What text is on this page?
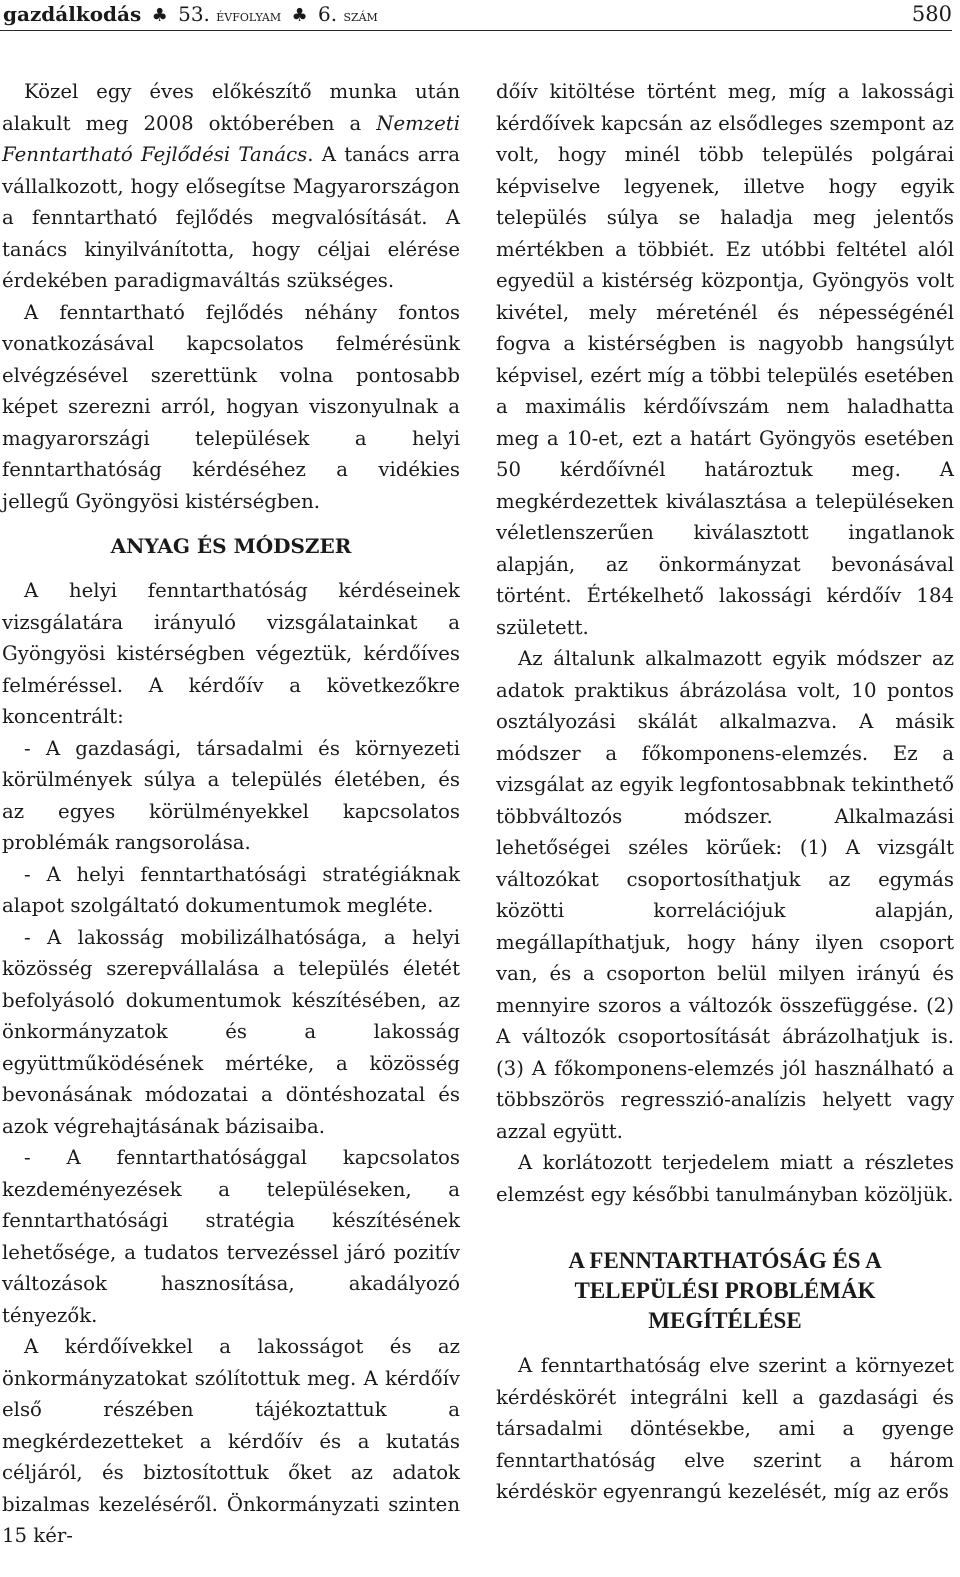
gazdálkodás ♣ 53. évfolyam ♣ 6. szám	580

Közel egy éves előkészítő munka után alakult meg 2008 októberében a Nemzeti Fenntartható Fejlődési Tanács. A tanács arra vállalkozott, hogy elősegítse Magyarországon a fenntartható fejlődés megvalósítását. A tanács kinyilvánította, hogy céljai elérése érdekében paradigmaváltás szükséges.

A fenntartható fejlődés néhány fontos vonatkozásával kapcsolatos felmérésünk elvégzésével szerettünk volna pontosabb képet szerezni arról, hogyan viszonyulnak a magyarországi települések a helyi fenntarthatóság kérdéséhez a vidékies jellegű Gyöngyösi kistérségben.

ANYAG ÉS MÓDSZER

A helyi fenntarthatóság kérdéseinek vizsgálatára irányuló vizsgálatainkat a Gyöngyösi kistérségben végeztük, kérdőíves felméréssel. A kérdőív a következőkre koncentrált:

- A gazdasági, társadalmi és környezeti körülmények súlya a település életében, és az egyes körülményekkel kapcsolatos problémák rangsorolása.

- A helyi fenntarthatósági stratégiáknak alapot szolgáltató dokumentumok megléte.

- A lakosság mobilizálhatósága, a helyi közösség szerepvállalása a település életét befolyásoló dokumentumok készítésében, az önkormányzatok és a lakosság együttműködésének mértéke, a közösség bevonásának módozatai a döntéshozatal és azok végrehajtásának bázisaiba.

- A fenntarthatósággal kapcsolatos kezdeményezések a településeken, a fenntarthatósági stratégia készítésének lehetősége, a tudatos tervezéssel járó pozitív változások hasznosítása, akadályozó tényezők.

A kérdőívekkel a lakosságot és az önkormányzatokat szólítottuk meg. A kérdőív első részében tájékoztattuk a megkérdezetteket a kérdőív és a kutatás céljáról, és biztosítottuk őket az adatok bizalmas kezeléséről. Önkormányzati szinten 15 kér-

dőív kitöltése történt meg, míg a lakossági kérdőívek kapcsán az elsődleges szempont az volt, hogy minél több település polgárai képviselve legyenek, illetve hogy egyik település súlya se haladja meg jelentős mértékben a többiét. Ez utóbbi feltétel alól egyedül a kistérség központja, Gyöngyös volt kivétel, mely méreténél és népességénél fogva a kistérségben is nagyobb hangsúlyt képvisel, ezért míg a többi település esetében a maximális kérdőívszám nem haladhatta meg a 10-et, ezt a határt Gyöngyös esetében 50 kérdőívnél határoztuk meg. A megkérdezettek kiválasztása a településeken véletlenszerűen kiválasztott ingatlanok alapján, az önkormányzat bevonásával történt. Értékelhető lakossági kérdőív 184 született.

Az általunk alkalmazott egyik módszer az adatok praktikus ábrázolása volt, 10 pontos osztályozási skálát alkalmazva. A másik módszer a főkomponens-elemzés. Ez a vizsgálat az egyik legfontosabbnak tekinthető többváltozós módszer. Alkalmazási lehetőségei széles körűek: (1) A vizsgált változókat csoportosíthatjuk az egymás közötti korrelációjuk alapján, megállapíthatjuk, hogy hány ilyen csoport van, és a csoporton belül milyen irányú és mennyire szoros a változók összefüggése. (2) A változók csoportosítását ábrázolhatjuk is. (3) A főkomponens-elemzés jól használható a többszörös regresszió-analízis helyett vagy azzal együtt.

A korlátozott terjedelem miatt a részletes elemzést egy későbbi tanulmányban közöljük.

A FENNTARTHATÓSÁG ÉS A
TELEPÜLÉSI PROBLÉMÁK
MEGÍTÉLÉSE

A fenntarthatóság elve szerint a környezet kérdéskörét integrálni kell a gazdasági és társadalmi döntésekbe, ami a gyenge fenntarthatóság elve szerint a három kérdéskör egyenrangú kezelését, míg az erős
